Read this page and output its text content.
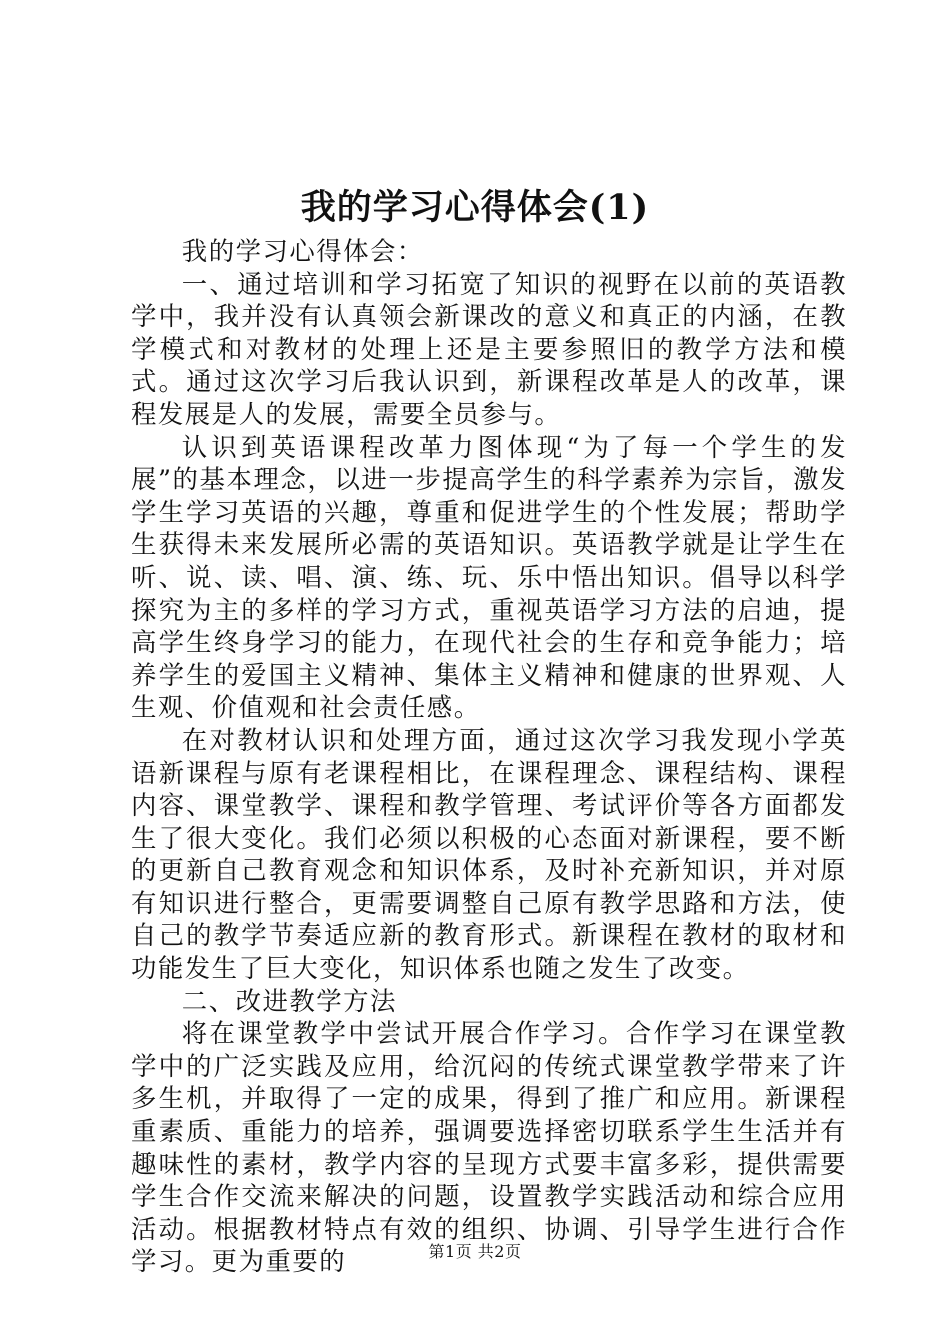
我的学习心得体会(1)

我的学习心得体会：

一、通过培训和学习拓宽了知识的视野在以前的英语教学中，我并没有认真领会新课改的意义和真正的内涵，在教学模式和对教材的处理上还是主要参照旧的教学方法和模式。通过这次学习后我认识到，新课程改革是人的改革，课程发展是人的发展，需要全员参与。

认识到英语课程改革力图体现“为了每一个学生的发展”的基本理念，以进一步提高学生的科学素养为宗旨，激发学生学习英语的兴趣，尊重和促进学生的个性发展；帮助学生获得未来发展所必需的英语知识。英语教学就是让学生在听、说、读、唱、演、练、玩、乐中悟出知识。倡导以科学探究为主的多样的学习方式，重视英语学习方法的启迪，提高学生终身学习的能力，在现代社会的生存和竞争能力；培养学生的爱国主义精神、集体主义精神和健康的世界观、人生观、价值观和社会责任感。

在对教材认识和处理方面，通过这次学习我发现小学英语新课程与原有老课程相比，在课程理念、课程结构、课程内容、课堂教学、课程和教学管理、考试评价等各方面都发生了很大变化。我们必须以积极的心态面对新课程，要不断的更新自己教育观念和知识体系，及时补充新知识，并对原有知识进行整合，更需要调整自己原有教学思路和方法，使自己的教学节奏适应新的教育形式。新课程在教材的取材和功能发生了巨大变化，知识体系也随之发生了改变。

二、改进教学方法

将在课堂教学中尝试开展合作学习。合作学习在课堂教学中的广泛实践及应用，给沉闷的传统式课堂教学带来了许多生机，并取得了一定的成果，得到了推广和应用。新课程重素质、重能力的培养，强调要选择密切联系学生生活并有趣味性的素材，教学内容的呈现方式要丰富多彩，提供需要学生合作交流来解决的问题，设置教学实践活动和综合应用活动。根据教材特点有效的组织、协调、引导学生进行合作学习。更为重要的	第1页 共2页
